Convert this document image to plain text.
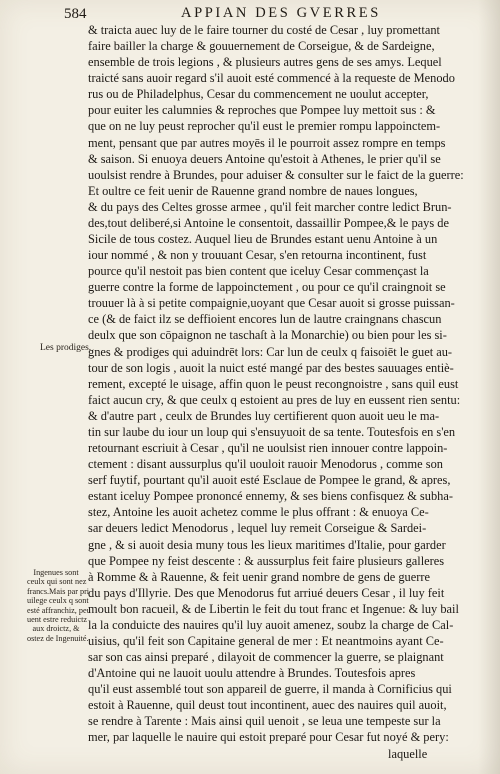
584	APPIAN DES GVERRES
& traicta auec luy de le faire tourner du costé de Cesar , luy promettant
faire bailler la charge & gouuernement de Corseigue, & de Sardeigne,
ensemble de trois legions , & plusieurs autres gens de ses amys. Lequel
traicté sans auoir regard s'il auoit esté commencé à la requeste de Menodo
rus ou de Philadelphus, Cesar du commencement ne uoulut accepter,
pour euiter les calumnies & reproches que Pompee luy mettoit sus : &
que on ne luy peust reprocher qu'il eust le premier rompu lappoinctem-
ment, pensant que par autres moyēs il le pourroit assez rompre en temps
& saison. Si enuoya deuers Antoine qu'estoit à Athenes, le prier qu'il se
uoulsist rendre à Brundes, pour aduiser & consulter sur le faict de la guerre:
Et oultre ce feit uenir de Rauenne grand nombre de naues longues,
& du pays des Celtes grosse armee , qu'il feit marcher contre ledict Brun-
des,tout deliberé,si Antoine le consentoit, dassaillir Pompee,& le pays de
Sicile de tous costez. Auquel lieu de Brundes estant uenu Antoine à un
iour nommé , & non y trouuant Cesar, s'en retourna incontinent, fust
pource qu'il nestoit pas bien content que iceluy Cesar commençast la
guerre contre la forme de lappoinctement , ou pour ce qu'il craingnoit se
trouuer là à si petite compaignie,uoyant que Cesar auoit si grosse puissan-
ce (& de faict ilz se deffioient encores lun de lautre craingnans chascun
deulx que son cōpaignon ne taschaſt à la Monarchie) ou bien pour les si-
gnes & prodiges qui aduindrēt lors: Car lun de ceulx q faisoiēt le guet au-
tour de son logis , auoit la nuict esté mangé par des bestes sauuages entiè-
rement, excepté le uisage, affin quon le peust recongnoistre , sans quil eust
faict aucun cry, & que ceulx q estoient au pres de luy en eussent rien sentu:
& d'autre part , ceulx de Brundes luy certifierent quon auoit ueu le ma-
tin sur laube du iour un loup qui s'ensuyuoit de sa tente. Toutesfois en s'en
retournant escriuit à Cesar , qu'il ne uoulsist rien innouer contre lappoin-
ctement : disant aussurplus qu'il uouloit rauoir Menodorus , comme son
serf fuytif, pourtant qu'il auoit esté Esclaue de Pompee le grand, & apres,
estant iceluy Pompee prononcé ennemy, & ses biens confisquez & subha-
stez, Antoine les auoit achetez comme le plus offrant : & enuoya Ce-
sar deuers ledict Menodorus , lequel luy remeit Corseigue & Sardei-
gne , & si auoit desia muny tous les lieux maritimes d'Italie, pour garder
que Pompee ny feist descente : & aussurplus feit faire plusieurs galleres
à Romme & à Rauenne, & feit uenir grand nombre de gens de guerre
du pays d'Illyrie. Des que Menodorus fut arriué deuers Cesar , il luy feit
moult bon racueil, & de Libertin le feit du tout franc et Ingenue: & luy bail
la la conduicte des nauires qu'il luy auoit amenez, soubz la charge de Cal-
uisius, qu'il feit son Capitaine general de mer : Et neantmoins ayant Ce-
sar son cas ainsi preparé , dilayoit de commencer la guerre, se plaignant
d'Antoine qui ne lauoit uoulu attendre à Brundes. Toutesfois apres
qu'il eust assemblé tout son appareil de guerre, il manda à Cornificius qui
estoit à Rauenne, quil deust tout incontinent, auec des nauires quil auoit,
se rendre à Tarente : Mais ainsi quil uenoit , se leua une tempeste sur la
mer, par laquelle le nauire qui estoit preparé pour Cesar fut noyé & pery:
laquelle
Les prodiges.
Ingenues sont
ceulx qui sont nez
francs.Mais par pri
uilege ceulx q sont
esté affranchiz, peu
uent estre reduictz
aux droictz, &
ostez de Ingenuité.
